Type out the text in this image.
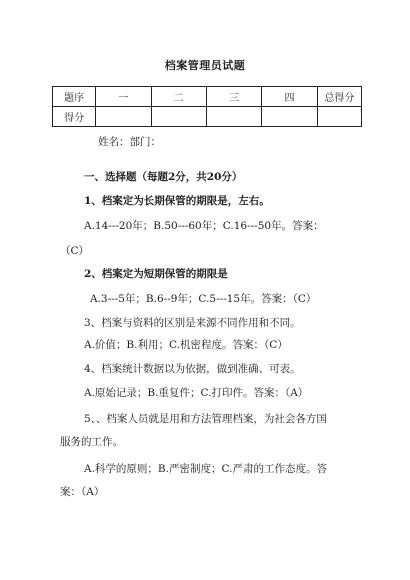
档案管理员试题
题序	一	二	三	四	总得分
得分					
姓名：部门：
一、选择题（每题2分，共20分）
1、档案定为长期保管的期限是，左右。
A.14---20年；B.50---60年；C.16---50年。答案：
（C）
2、档案定为短期保管的期限是
A.3---5年；B.6--9年；C.5---15年。答案：（C）
3、档案与资料的区别是来源不同作用和不同。
A.价值；B.利用；C.机密程度。答案：（C）
4、档案统计数据以为依据，做到准确、可表。
A.原始记录；B.重复件；C.打印件。答案：（A）
5、、档案人员就是用和方法管理档案，为社会各方国
服务的工作。
A.科学的原则；B.严密制度；C.严肃的工作态度。答
案：（A）
